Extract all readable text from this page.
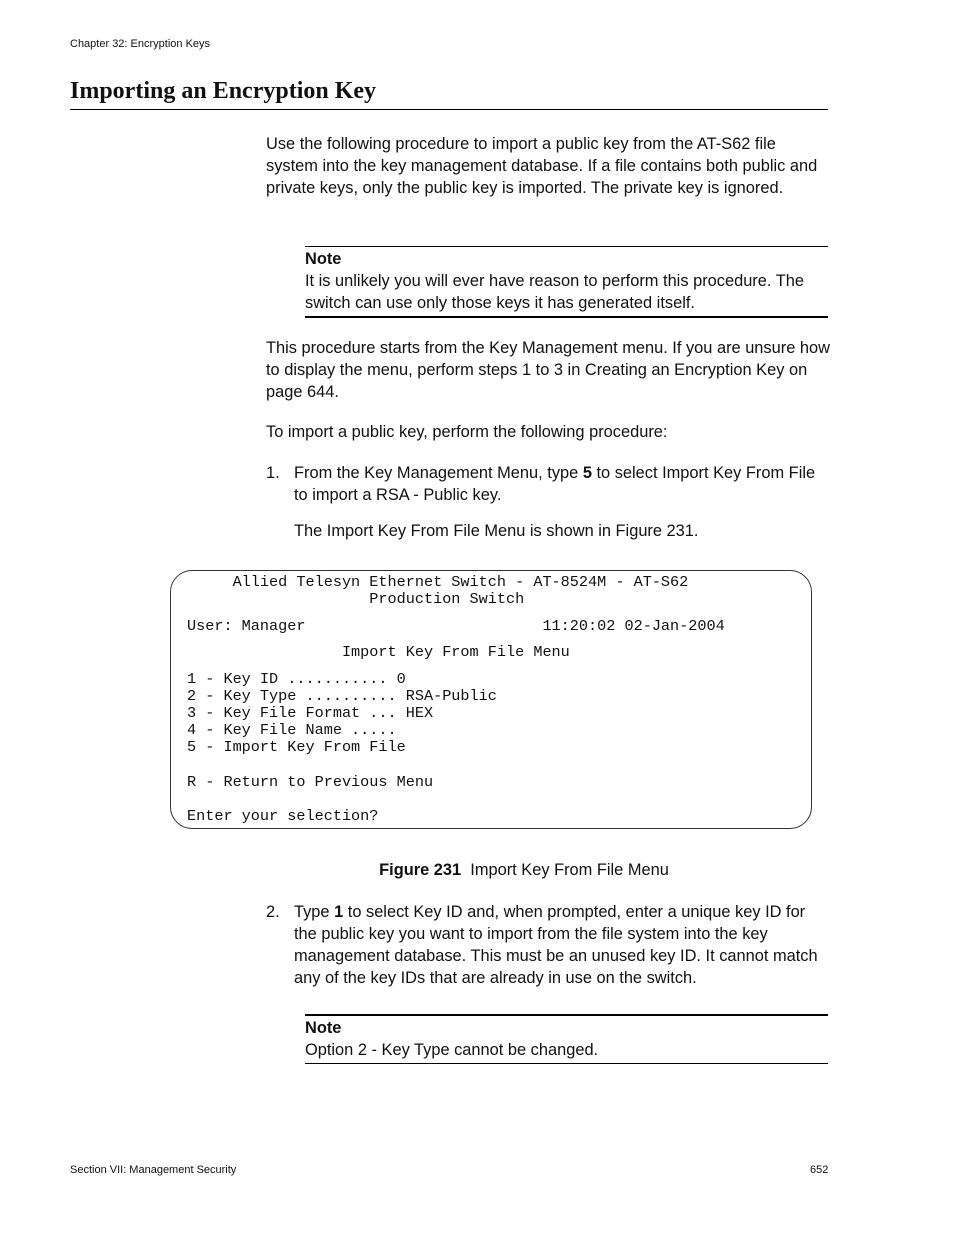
Chapter 32: Encryption Keys
Importing an Encryption Key

Use the following procedure to import a public key from the AT-S62 file system into the key management database. If a file contains both public and private keys, only the public key is imported. The private key is ignored.

Note
It is unlikely you will ever have reason to perform this procedure. The switch can use only those keys it has generated itself.

This procedure starts from the Key Management menu. If you are unsure how to display the menu, perform steps 1 to 3 in Creating an Encryption Key on page 644.

To import a public key, perform the following procedure:

1. From the Key Management Menu, type 5 to select Import Key From File to import a RSA - Public key.
The Import Key From File Menu is shown in Figure 231.
Allied Telesyn Ethernet Switch - AT-8524M - AT-S62
Production Switch
User: Manager                          11:20:02 02-Jan-2004
Import Key From File Menu
1 - Key ID ........... 0
2 - Key Type .......... RSA-Public
3 - Key File Format ... HEX
4 - Key File Name .....
5 - Import Key From File
R - Return to Previous Menu
Enter your selection?
Figure 231 Import Key From File Menu
2. Type 1 to select Key ID and, when prompted, enter a unique key ID for the public key you want to import from the file system into the key management database. This must be an unused key ID. It cannot match any of the key IDs that are already in use on the switch.
Note
Option 2 - Key Type cannot be changed.
Section VII: Management Security	652
